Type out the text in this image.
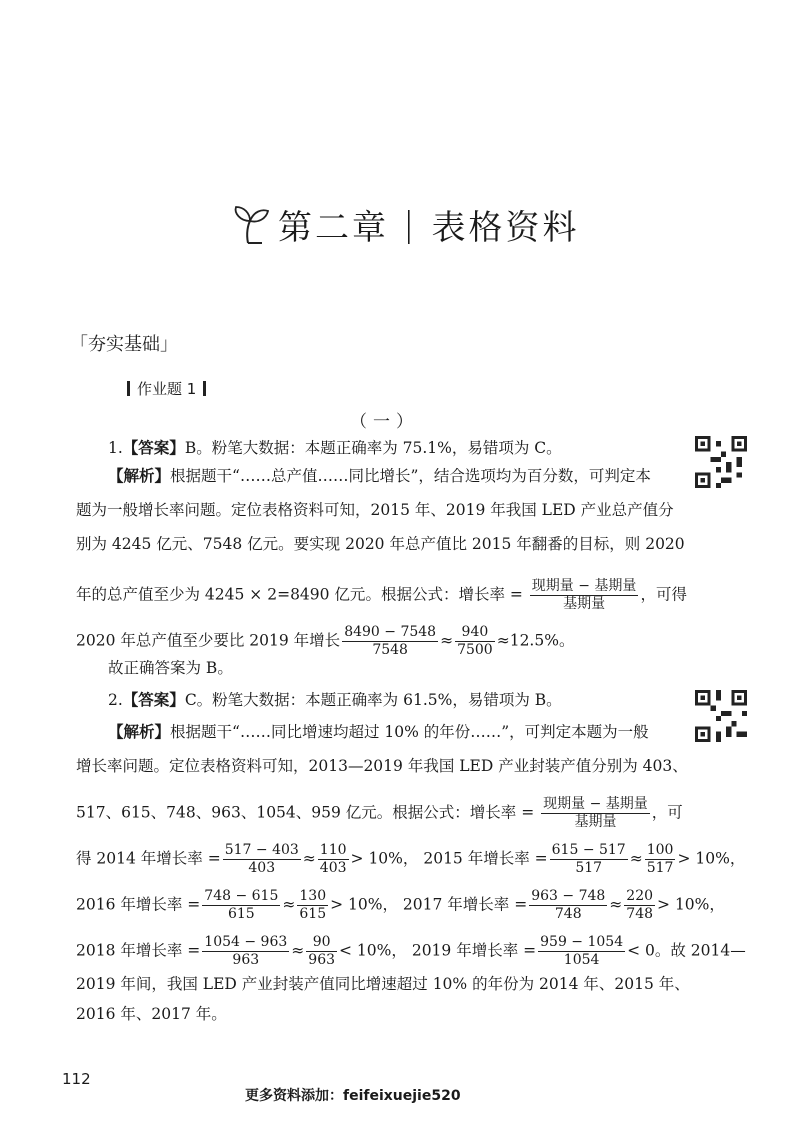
第二章 | 表格资料
「夯实基础」
作业题 1
（一）
1.【答案】B。粉笔大数据：本题正确率为 75.1%，易错项为 C。
【解析】根据题干“……总产值……同比增长”，结合选项均为百分数，可判定本
题为一般增长率问题。定位表格资料可知，2015 年、2019 年我国 LED 产业总产值分
别为 4245 亿元、7548 亿元。要实现 2020 年总产值比 2015 年翻番的目标，则 2020
年的总产值至少为 4245 × 2=8490 亿元。根据公式：增长率 = $\frac{\text{现期量 − 基期量}}{\text{基期量}}$ ，可得
2020 年总产值至少要比 2019 年增长 $\frac{8490 - 7548}{7548} \approx \frac{940}{7500} \approx 12.5\%$。
故正确答案为 B。
2.【答案】C。粉笔大数据：本题正确率为 61.5%，易错项为 B。
【解析】根据题干“……同比增速均超过 10% 的年份……”，可判定本题为一般
增长率问题。定位表格资料可知，2013—2019 年我国 LED 产业封装产值分别为 403、
517、615、748、963、1054、959 亿元。根据公式：增长率 = $\frac{\text{现期量 − 基期量}}{\text{基期量}}$ ，可
得 2014 年增长率 = $\frac{517 - 403}{403} \approx \frac{110}{403} > 10\%$， 2015 年增长率 = $\frac{615 - 517}{517} \approx \frac{100}{517} > 10\%$，
2016 年增长率 = $\frac{748 - 615}{615} \approx \frac{130}{615} > 10\%$， 2017 年增长率 = $\frac{963 - 748}{748} \approx \frac{220}{748} > 10\%$，
2018 年增长率 = $\frac{1054 - 963}{963} \approx \frac{90}{963} < 10\%$， 2019 年增长率 = $\frac{959 - 1054}{1054} < 0$。故 2014—
2019 年间，我国 LED 产业封装产值同比增速超过 10% 的年份为 2014 年、2015 年、
2016 年、2017 年。
112
更多资料添加：feifeixuejie520
